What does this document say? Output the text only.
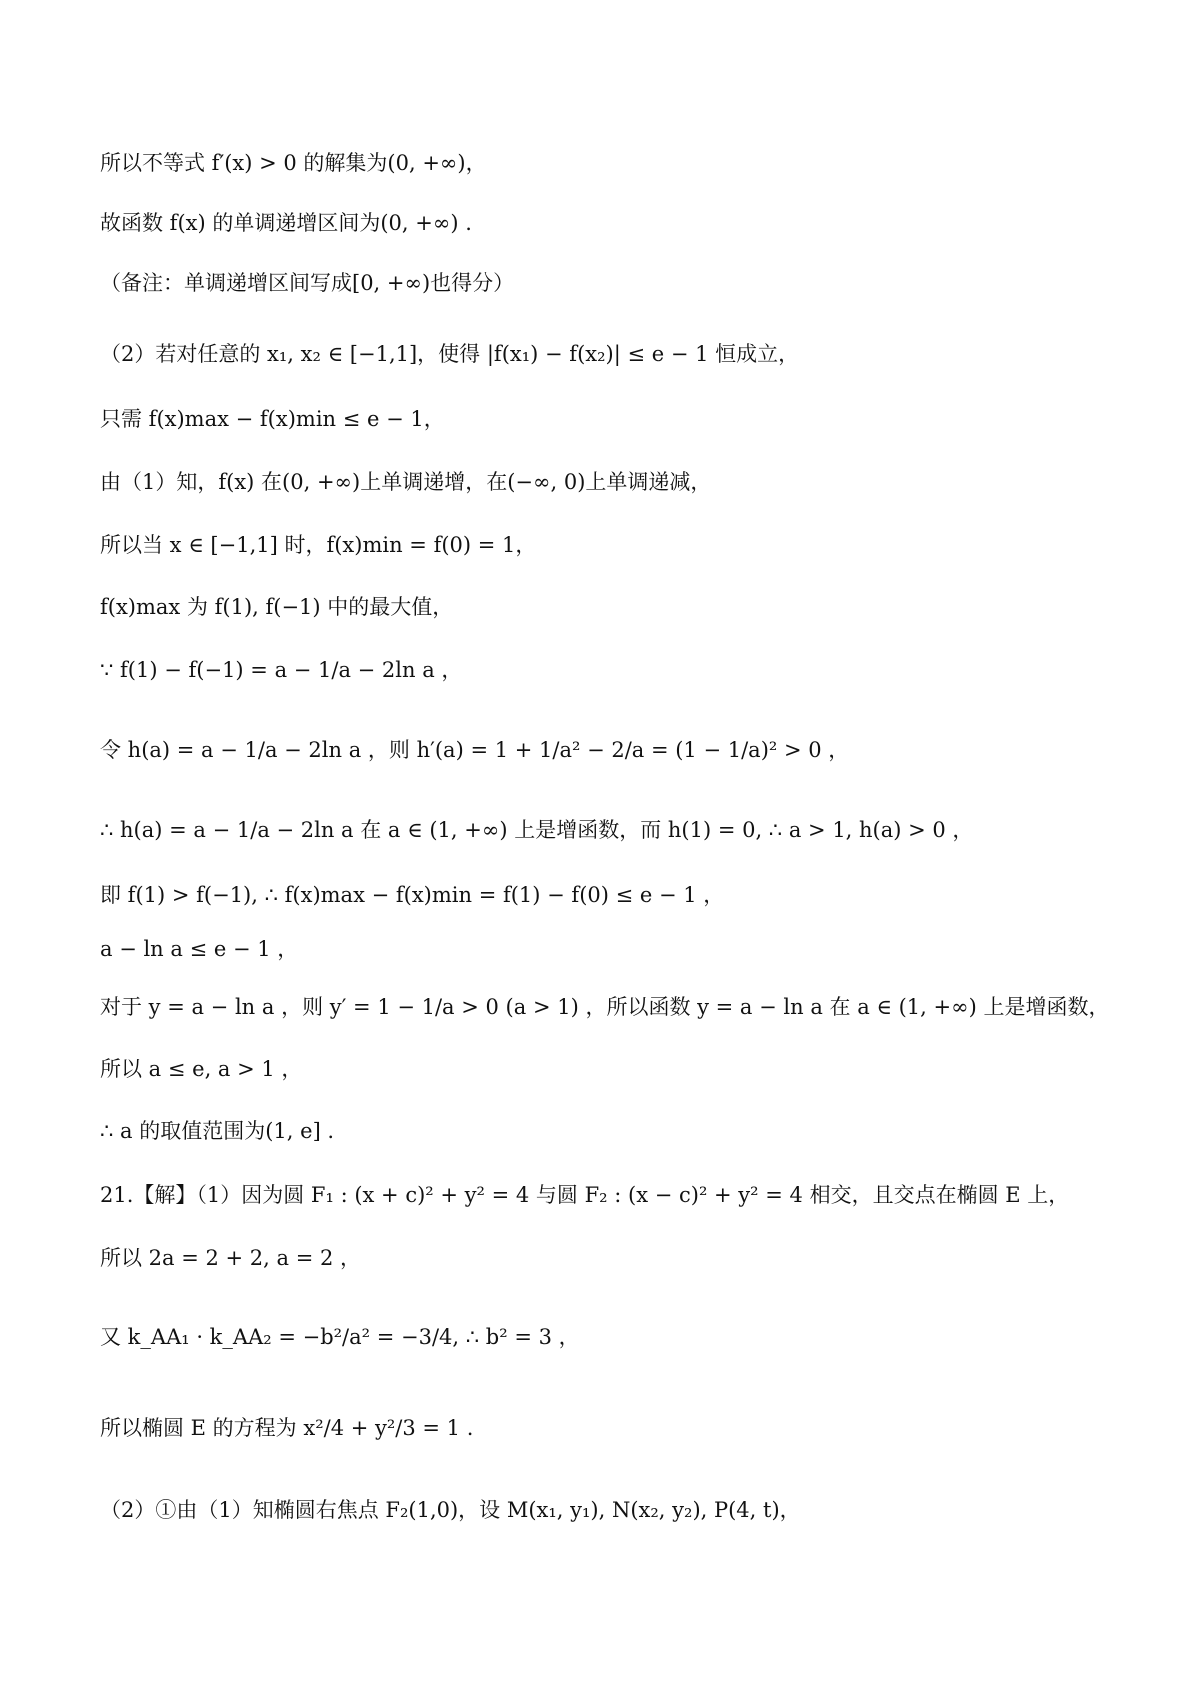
所以不等式 f′(x) > 0 的解集为(0, +∞)，
故函数 f(x) 的单调递增区间为(0, +∞) .
（备注：单调递增区间写成[0, +∞)也得分）
（2）若对任意的 x₁, x₂ ∈ [−1,1]，使得 |f(x₁) − f(x₂)| ≤ e − 1 恒成立，
只需 f(x)max − f(x)min ≤ e − 1，
由（1）知，f(x) 在(0, +∞)上单调递增，在(−∞, 0)上单调递减，
所以当 x ∈ [−1,1] 时，f(x)min = f(0) = 1，
f(x)max 为 f(1), f(−1) 中的最大值，
∵ f(1) − f(−1) = a − 1/a − 2ln a ，
令 h(a) = a − 1/a − 2ln a ，则 h′(a) = 1 + 1/a² − 2/a = (1 − 1/a)² > 0 ，
∴ h(a) = a − 1/a − 2ln a 在 a ∈ (1, +∞) 上是增函数，而 h(1) = 0, ∴ a > 1, h(a) > 0 ，
即 f(1) > f(−1), ∴ f(x)max − f(x)min = f(1) − f(0) ≤ e − 1 ，
a − ln a ≤ e − 1 ，
对于 y = a − ln a ，则 y′ = 1 − 1/a > 0 (a > 1) ，所以函数 y = a − ln a 在 a ∈ (1, +∞) 上是增函数，
所以 a ≤ e, a > 1 ，
∴ a 的取值范围为(1, e] .
21.【解】（1）因为圆 F₁ : (x + c)² + y² = 4 与圆 F₂ : (x − c)² + y² = 4 相交，且交点在椭圆 E 上，
所以 2a = 2 + 2, a = 2 ，
又 k_AA₁ · k_AA₂ = −b²/a² = −3/4, ∴ b² = 3 ，
所以椭圆 E 的方程为 x²/4 + y²/3 = 1 .
（2）①由（1）知椭圆右焦点 F₂(1,0)，设 M(x₁, y₁), N(x₂, y₂), P(4, t)，
